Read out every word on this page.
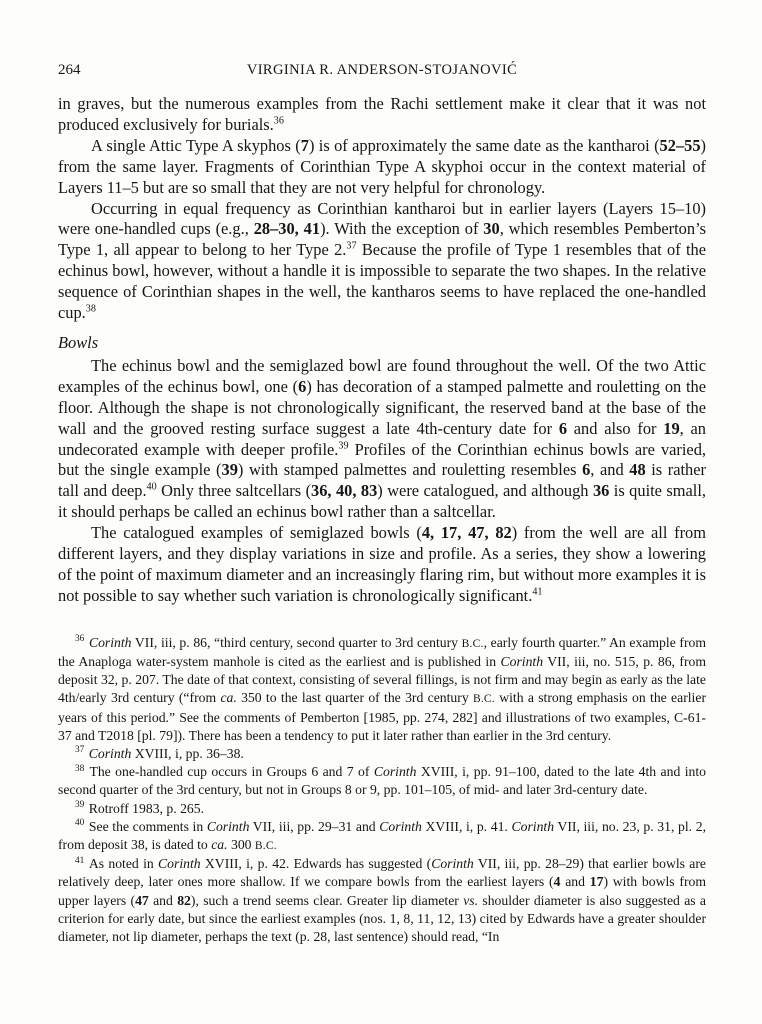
264	VIRGINIA R. ANDERSON-STOJANOVIĆ

in graves, but the numerous examples from the Rachi settlement make it clear that it was not produced exclusively for burials.$^{36}$

A single Attic Type A skyphos (7) is of approximately the same date as the kantharoi (52–55) from the same layer. Fragments of Corinthian Type A skyphoi occur in the context material of Layers 11–5 but are so small that they are not very helpful for chronology.

Occurring in equal frequency as Corinthian kantharoi but in earlier layers (Layers 15–10) were one-handled cups (e.g., 28–30, 41). With the exception of 30, which resembles Pemberton’s Type 1, all appear to belong to her Type 2.37 Because the profile of Type 1 resembles that of the echinus bowl, however, without a handle it is impossible to separate the two shapes. In the relative sequence of Corinthian shapes in the well, the kantharos seems to have replaced the one-handled cup.$^{38}$

Bowls

The echinus bowl and the semiglazed bowl are found throughout the well. Of the two Attic examples of the echinus bowl, one (6) has decoration of a stamped palmette and rouletting on the floor. Although the shape is not chronologically significant, the reserved band at the base of the wall and the grooved resting surface suggest a late 4th-century date for 6 and also for 19, an undecorated example with deeper profile.$^{39}$ Profiles of the Corinthian echinus bowls are varied, but the single example (39) with stamped palmettes and rouletting resembles 6, and 48 is rather tall and deep.$^{40}$ Only three saltcellars (36, 40, 83) were catalogued, and although 36 is quite small, it should perhaps be called an echinus bowl rather than a saltcellar.

The catalogued examples of semiglazed bowls (4, 17, 47, 82) from the well are all from different layers, and they display variations in size and profile. As a series, they show a lowering of the point of maximum diameter and an increasingly flaring rim, but without more examples it is not possible to say whether such variation is chronologically significant.$^{41}$

$^{36}$ Corinth VII, iii, p. 86, “third century, second quarter to 3rd century B.C., early fourth quarter.” An example from the Anaploga water-system manhole is cited as the earliest and is published in Corinth VII, iii, no. 515, p. 86, from deposit 32, p. 207. The date of that context, consisting of several fillings, is not firm and may begin as early as the late 4th/early 3rd century (“from ca. 350 to the last quarter of the 3rd century B.C. with a strong emphasis on the earlier years of this period.” See the comments of Pemberton [1985, pp. 274, 282] and illustrations of two examples, C-61-37 and T2018 [pl. 79]). There has been a tendency to put it later rather than earlier in the 3rd century.

$^{37}$ Corinth XVIII, i, pp. 36–38.

$^{38}$ The one-handled cup occurs in Groups 6 and 7 of Corinth XVIII, i, pp. 91–100, dated to the late 4th and into second quarter of the 3rd century, but not in Groups 8 or 9, pp. 101–105, of mid- and later 3rd-century date.

$^{39}$ Rotroff 1983, p. 265.

$^{40}$ See the comments in Corinth VII, iii, pp. 29–31 and Corinth XVIII, i, p. 41. Corinth VII, iii, no. 23, p. 31, pl. 2, from deposit 38, is dated to ca. 300 B.C.

$^{41}$ As noted in Corinth XVIII, i, p. 42. Edwards has suggested (Corinth VII, iii, pp. 28–29) that earlier bowls are relatively deep, later ones more shallow. If we compare bowls from the earliest layers (4 and 17) with bowls from upper layers (47 and 82), such a trend seems clear. Greater lip diameter vs. shoulder diameter is also suggested as a criterion for early date, but since the earliest examples (nos. 1, 8, 11, 12, 13) cited by Edwards have a greater shoulder diameter, not lip diameter, perhaps the text (p. 28, last sentence) should read, “In
